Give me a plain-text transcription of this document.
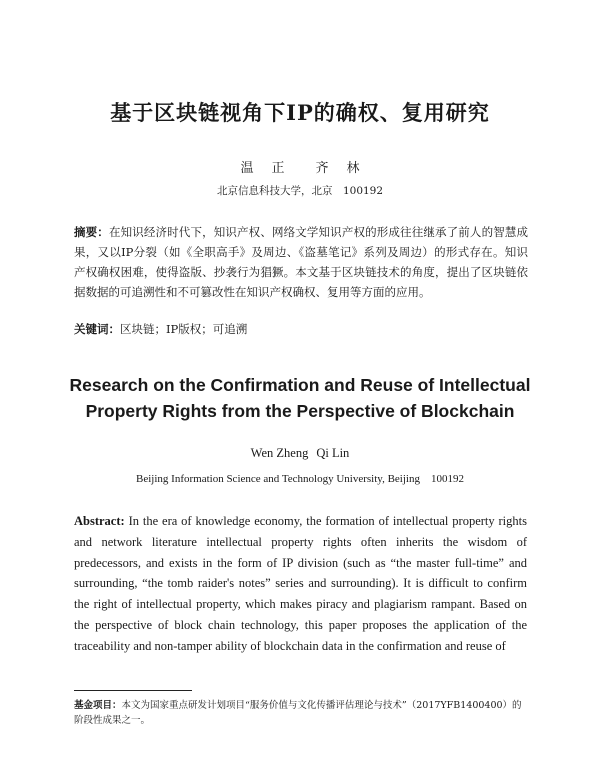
基于区块链视角下IP的确权、复用研究
温 正 齐 林
北京信息科技大学，北京　100192
摘要：在知识经济时代下，知识产权、网络文学知识产权的形成往往继承了前人的智慧成果，又以IP分裂（如《全职高手》及周边、《盗墓笔记》系列及周边）的形式存在。知识产权确权困难，使得盗版、抄袭行为猖獗。本文基于区块链技术的角度，提出了区块链依据数据的可追溯性和不可篡改性在知识产权确权、复用等方面的应用。
关键词：区块链；IP版权；可追溯
Research on the Confirmation and Reuse of Intellectual Property Rights from the Perspective of Blockchain
Wen Zheng Qi Lin
Beijing Information Science and Technology University, Beijing　100192
Abstract: In the era of knowledge economy, the formation of intellectual property rights and network literature intellectual property rights often inherits the wisdom of predecessors, and exists in the form of IP division (such as “the master full-time” and surrounding, “the tomb raider's notes” series and surrounding). It is difficult to confirm the right of intellectual property, which makes piracy and plagiarism rampant. Based on the perspective of block chain technology, this paper proposes the application of the traceability and non-tamper ability of blockchain data in the confirmation and reuse of
基金项目：本文为国家重点研发计划项目“服务价值与文化传播评估理论与技术”（2017YFB1400400）的阶段性成果之一。
